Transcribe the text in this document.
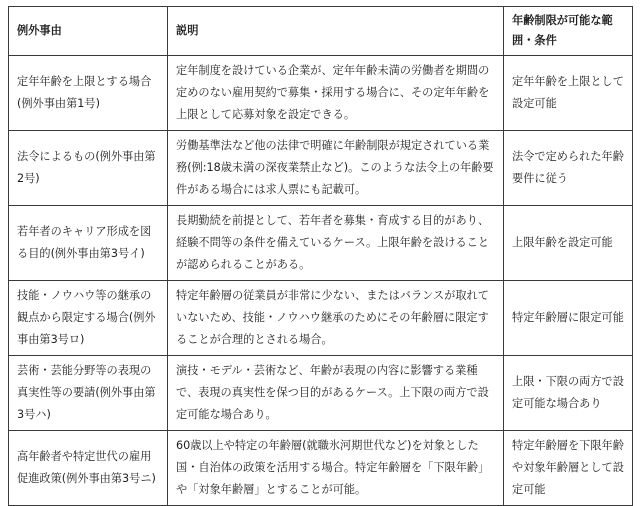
例外事由	説明	年齢制限が可能な範囲・条件
定年年齢を上限とする場合(例外事由第1号)	定年制度を設けている企業が、定年年齢未満の労働者を期間の定めのない雇用契約で募集・採用する場合に、その定年年齢を上限として応募対象を設定できる。	定年年齢を上限として設定可能
法令によるもの(例外事由第2号)	労働基準法など他の法律で明確に年齢制限が規定されている業務(例:18歳未満の深夜業禁止など)。このような法令上の年齢要件がある場合には求人票にも記載可。	法令で定められた年齢要件に従う
若年者のキャリア形成を図る目的(例外事由第3号イ)	長期勤続を前提として、若年者を募集・育成する目的があり、経験不問等の条件を備えているケース。上限年齢を設けることが認められることがある。	上限年齢を設定可能
技能・ノウハウ等の継承の観点から限定する場合(例外事由第3号ロ)	特定年齢層の従業員が非常に少ない、またはバランスが取れていないため、技能・ノウハウ継承のためにその年齢層に限定することが合理的とされる場合。	特定年齢層に限定可能
芸術・芸能分野等の表現の真実性等の要請(例外事由第3号ハ)	演技・モデル・芸術など、年齢が表現の内容に影響する業種で、表現の真実性を保つ目的があるケース。上下限の両方で設定可能な場合あり。	上限・下限の両方で設定可能な場合あり
高年齢者や特定世代の雇用促進政策(例外事由第3号ニ)	60歳以上や特定の年齢層(就職氷河期世代など)を対象とした国・自治体の政策を活用する場合。特定年齢層を「下限年齢」や「対象年齢層」とすることが可能。	特定年齢層を下限年齢や対象年齢層として設定可能
